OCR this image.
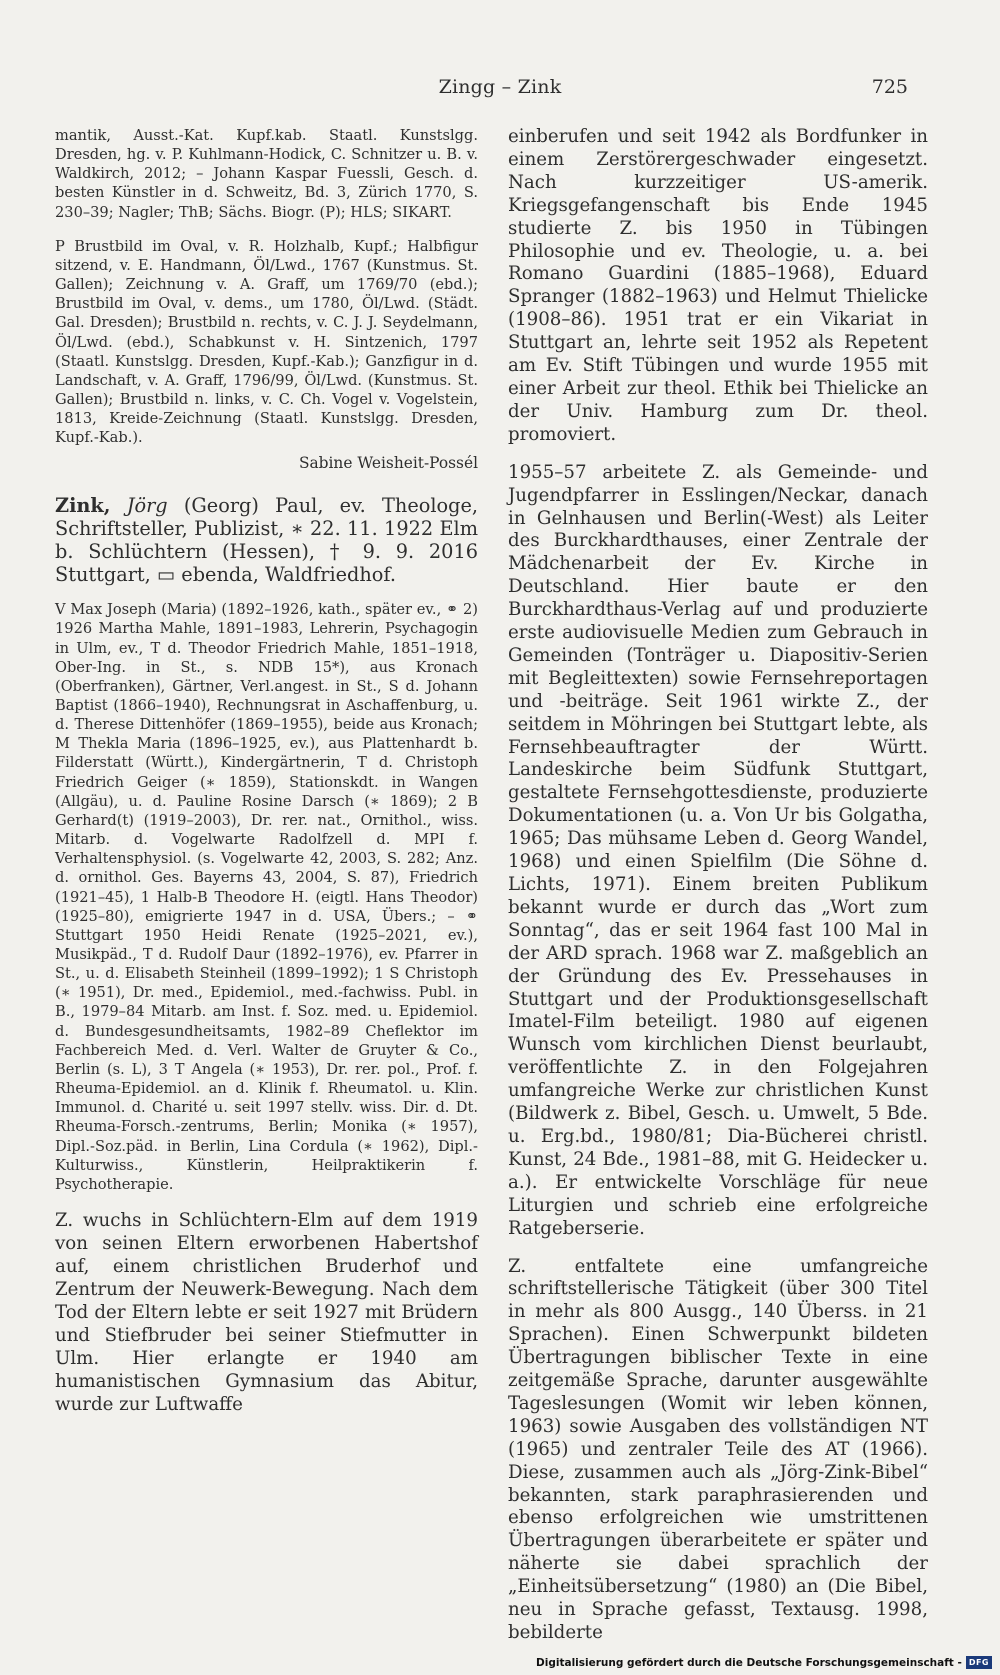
Zingg – Zink	725
mantik, Ausst.-Kat. Kupf.kab. Staatl. Kunstslgg. Dresden, hg. v. P. Kuhlmann-Hodick, C. Schnitzer u. B. v. Waldkirch, 2012; – Johann Kaspar Fuessli, Gesch. d. besten Künstler in d. Schweitz, Bd. 3, Zürich 1770, S. 230–39; Nagler; ThB; Sächs. Biogr. (P); HLS; SIKART.
P Brustbild im Oval, v. R. Holzhalb, Kupf.; Halbfigur sitzend, v. E. Handmann, Öl/Lwd., 1767 (Kunstmus. St. Gallen); Zeichnung v. A. Graff, um 1769/70 (ebd.); Brustbild im Oval, v. dems., um 1780, Öl/Lwd. (Städt. Gal. Dresden); Brustbild n. rechts, v. C. J. J. Seydelmann, Öl/Lwd. (ebd.), Schabkunst v. H. Sintzenich, 1797 (Staatl. Kunstslgg. Dresden, Kupf.-Kab.); Ganzfigur in d. Landschaft, v. A. Graff, 1796/99, Öl/Lwd. (Kunstmus. St. Gallen); Brustbild n. links, v. C. Ch. Vogel v. Vogelstein, 1813, Kreide-Zeichnung (Staatl. Kunstslgg. Dresden, Kupf.-Kab.).
Sabine Weisheit-Possél
Zink, Jörg (Georg) Paul, ev. Theologe, Schriftsteller, Publizist, ∗ 22. 11. 1922 Elm b. Schlüchtern (Hessen), † 9. 9. 2016 Stuttgart, ▭ ebenda, Waldfriedhof.
V Max Joseph (Maria) (1892–1926, kath., später ev., ⚭ 2) 1926 Martha Mahle, 1891–1983, Lehrerin, Psychagogin in Ulm, ev., T d. Theodor Friedrich Mahle, 1851–1918, Ober-Ing. in St., s. NDB 15*), aus Kronach (Oberfranken), Gärtner, Verl.angest. in St., S d. Johann Baptist (1866–1940), Rechnungsrat in Aschaffenburg, u. d. Therese Dittenhöfer (1869–1955), beide aus Kronach; M Thekla Maria (1896–1925, ev.), aus Plattenhardt b. Filderstatt (Württ.), Kindergärtnerin, T d. Christoph Friedrich Geiger (∗ 1859), Stationskdt. in Wangen (Allgäu), u. d. Pauline Rosine Darsch (∗ 1869); 2 B Gerhard(t) (1919–2003), Dr. rer. nat., Ornithol., wiss. Mitarb. d. Vogelwarte Radolfzell d. MPI f. Verhaltensphysiol. (s. Vogelwarte 42, 2003, S. 282; Anz. d. ornithol. Ges. Bayerns 43, 2004, S. 87), Friedrich (1921–45), 1 Halb-B Theodore H. (eigtl. Hans Theodor) (1925–80), emigrierte 1947 in d. USA, Übers.; – ⚭ Stuttgart 1950 Heidi Renate (1925–2021, ev.), Musikpäd., T d. Rudolf Daur (1892–1976), ev. Pfarrer in St., u. d. Elisabeth Steinheil (1899–1992); 1 S Christoph (∗ 1951), Dr. med., Epidemiol., med.-fachwiss. Publ. in B., 1979–84 Mitarb. am Inst. f. Soz. med. u. Epidemiol. d. Bundesgesundheitsamts, 1982–89 Cheflektor im Fachbereich Med. d. Verl. Walter de Gruyter & Co., Berlin (s. L), 3 T Angela (∗ 1953), Dr. rer. pol., Prof. f. Rheuma-Epidemiol. an d. Klinik f. Rheumatol. u. Klin. Immunol. d. Charité u. seit 1997 stellv. wiss. Dir. d. Dt. Rheuma-Forsch.-zentrums, Berlin; Monika (∗ 1957), Dipl.-Soz.päd. in Berlin, Lina Cordula (∗ 1962), Dipl.-Kulturwiss., Künstlerin, Heilpraktikerin f. Psychotherapie.
Z. wuchs in Schlüchtern-Elm auf dem 1919 von seinen Eltern erworbenen Habertshof auf, einem christlichen Bruderhof und Zentrum der Neuwerk-Bewegung. Nach dem Tod der Eltern lebte er seit 1927 mit Brüdern und Stiefbruder bei seiner Stiefmutter in Ulm. Hier erlangte er 1940 am humanistischen Gymnasium das Abitur, wurde zur Luftwaffe
einberufen und seit 1942 als Bordfunker in einem Zerstörergeschwader eingesetzt. Nach kurzzeitiger US-amerik. Kriegsgefangenschaft bis Ende 1945 studierte Z. bis 1950 in Tübingen Philosophie und ev. Theologie, u. a. bei Romano Guardini (1885–1968), Eduard Spranger (1882–1963) und Helmut Thielicke (1908–86). 1951 trat er ein Vikariat in Stuttgart an, lehrte seit 1952 als Repetent am Ev. Stift Tübingen und wurde 1955 mit einer Arbeit zur theol. Ethik bei Thielicke an der Univ. Hamburg zum Dr. theol. promoviert.
1955–57 arbeitete Z. als Gemeinde- und Jugendpfarrer in Esslingen/Neckar, danach in Gelnhausen und Berlin(-West) als Leiter des Burckhardthauses, einer Zentrale der Mädchenarbeit der Ev. Kirche in Deutschland. Hier baute er den Burckhardthaus-Verlag auf und produzierte erste audiovisuelle Medien zum Gebrauch in Gemeinden (Tonträger u. Diapositiv-Serien mit Begleittexten) sowie Fernsehreportagen und -beiträge. Seit 1961 wirkte Z., der seitdem in Möhringen bei Stuttgart lebte, als Fernsehbeauftragter der Württ. Landeskirche beim Südfunk Stuttgart, gestaltete Fernsehgottesdienste, produzierte Dokumentationen (u. a. Von Ur bis Golgatha, 1965; Das mühsame Leben d. Georg Wandel, 1968) und einen Spielfilm (Die Söhne d. Lichts, 1971). Einem breiten Publikum bekannt wurde er durch das „Wort zum Sonntag“, das er seit 1964 fast 100 Mal in der ARD sprach. 1968 war Z. maßgeblich an der Gründung des Ev. Pressehauses in Stuttgart und der Produktionsgesellschaft Imatel-Film beteiligt. 1980 auf eigenen Wunsch vom kirchlichen Dienst beurlaubt, veröffentlichte Z. in den Folgejahren umfangreiche Werke zur christlichen Kunst (Bildwerk z. Bibel, Gesch. u. Umwelt, 5 Bde. u. Erg.bd., 1980/81; Dia-Bücherei christl. Kunst, 24 Bde., 1981–88, mit G. Heidecker u. a.). Er entwickelte Vorschläge für neue Liturgien und schrieb eine erfolgreiche Ratgeberserie.
Z. entfaltete eine umfangreiche schriftstellerische Tätigkeit (über 300 Titel in mehr als 800 Ausgg., 140 Überss. in 21 Sprachen). Einen Schwerpunkt bildeten Übertragungen biblischer Texte in eine zeitgemäße Sprache, darunter ausgewählte Tageslesungen (Womit wir leben können, 1963) sowie Ausgaben des vollständigen NT (1965) und zentraler Teile des AT (1966). Diese, zusammen auch als „Jörg-Zink-Bibel“ bekannten, stark paraphrasierenden und ebenso erfolgreichen wie umstrittenen Übertragungen überarbeitete er später und näherte sie dabei sprachlich der „Einheitsübersetzung“ (1980) an (Die Bibel, neu in Sprache gefasst, Textausg. 1998, bebilderte
Digitalisierung gefördert durch die Deutsche Forschungsgemeinschaft - DFG
